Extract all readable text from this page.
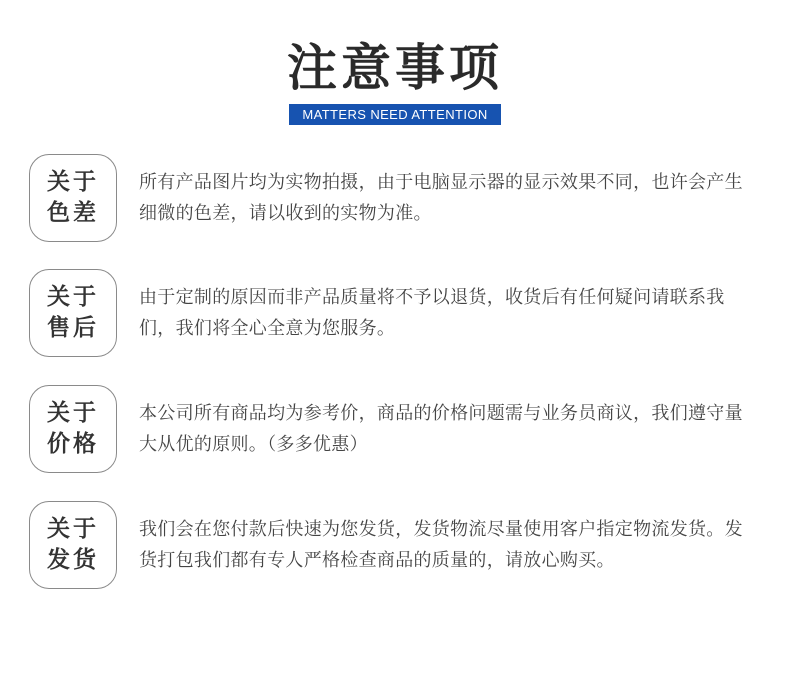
注意事项
MATTERS NEED ATTENTION
关于
色差
所有产品图片均为实物拍摄，由于电脑显示器的显示效果不同，也许会产生细微的色差，请以收到的实物为准。
关于
售后
由于定制的原因而非产品质量将不予以退货，收货后有任何疑问请联系我们，我们将全心全意为您服务。
关于
价格
本公司所有商品均为参考价，商品的价格问题需与业务员商议，我们遵守量大从优的原则。（多多优惠）
关于
发货
我们会在您付款后快速为您发货，发货物流尽量使用客户指定物流发货。发货打包我们都有专人严格检查商品的质量的，请放心购买。
